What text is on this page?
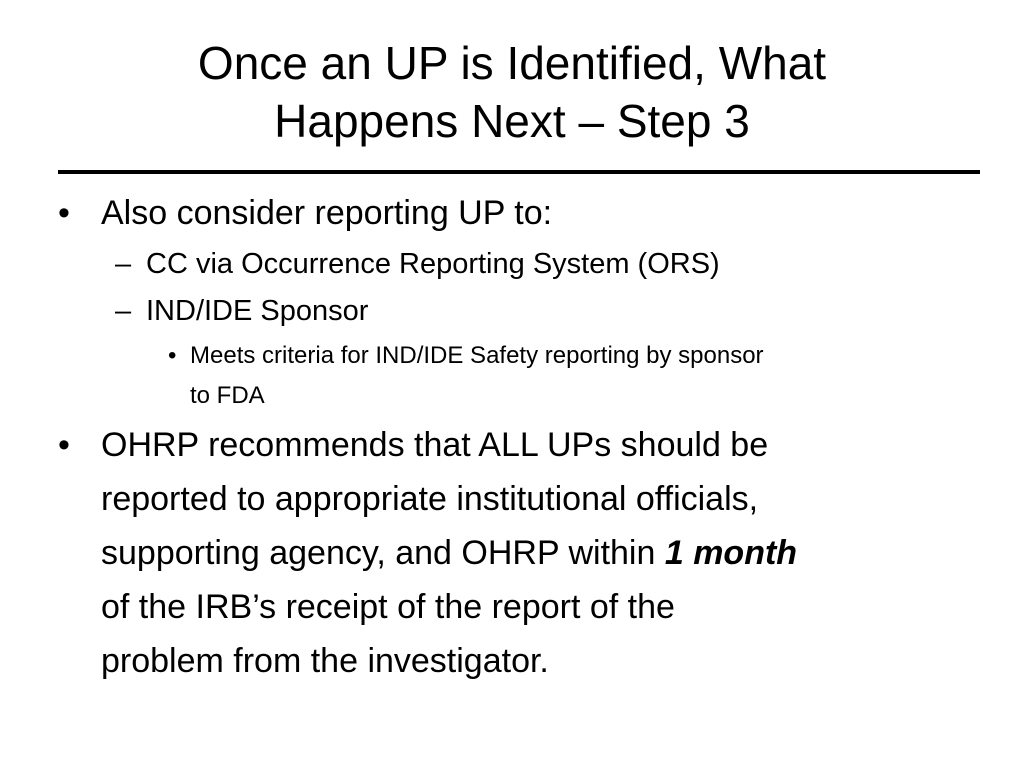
Once an UP is Identified, What
Happens Next – Step 3
• Also consider reporting UP to:
– CC via Occurrence Reporting System (ORS)
– IND/IDE Sponsor
• Meets criteria for IND/IDE Safety reporting by sponsor
to FDA
• OHRP recommends that ALL UPs should be
reported to appropriate institutional officials,
supporting agency, and OHRP within 1 month
of the IRB’s receipt of the report of the
problem from the investigator.
